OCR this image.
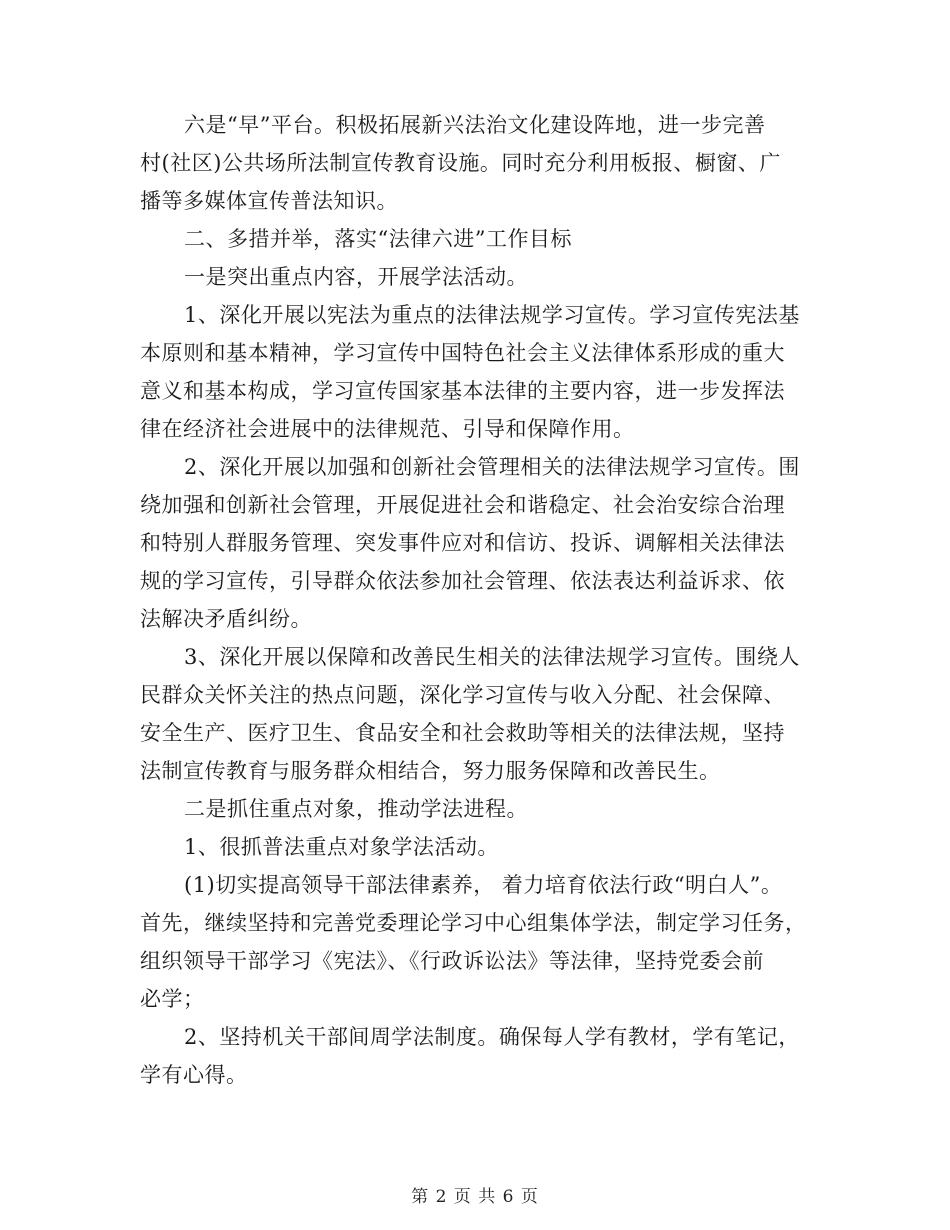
六是“早”平台。积极拓展新兴法治文化建设阵地，进一步完善
村(社区)公共场所法制宣传教育设施。同时充分利用板报、橱窗、广
播等多媒体宣传普法知识。

二、多措并举，落实“法律六进”工作目标

一是突出重点内容，开展学法活动。

1、深化开展以宪法为重点的法律法规学习宣传。学习宣传宪法基
本原则和基本精神，学习宣传中国特色社会主义法律体系形成的重大
意义和基本构成，学习宣传国家基本法律的主要内容，进一步发挥法
律在经济社会进展中的法律规范、引导和保障作用。

2、深化开展以加强和创新社会管理相关的法律法规学习宣传。围
绕加强和创新社会管理，开展促进社会和谐稳定、社会治安综合治理
和特别人群服务管理、突发事件应对和信访、投诉、调解相关法律法
规的学习宣传，引导群众依法参加社会管理、依法表达利益诉求、依
法解决矛盾纠纷。

3、深化开展以保障和改善民生相关的法律法规学习宣传。围绕人
民群众关怀关注的热点问题，深化学习宣传与收入分配、社会保障、
安全生产、医疗卫生、食品安全和社会救助等相关的法律法规，坚持
法制宣传教育与服务群众相结合，努力服务保障和改善民生。

二是抓住重点对象，推动学法进程。

1、很抓普法重点对象学法活动。

(1)切实提高领导干部法律素养， 着力培育依法行政“明白人”。
首先，继续坚持和完善党委理论学习中心组集体学法，制定学习任务，
组织领导干部学习《宪法》、《行政诉讼法》等法律，坚持党委会前
必学；

2、坚持机关干部间周学法制度。确保每人学有教材，学有笔记，
学有心得。

第 2 页 共 6 页
